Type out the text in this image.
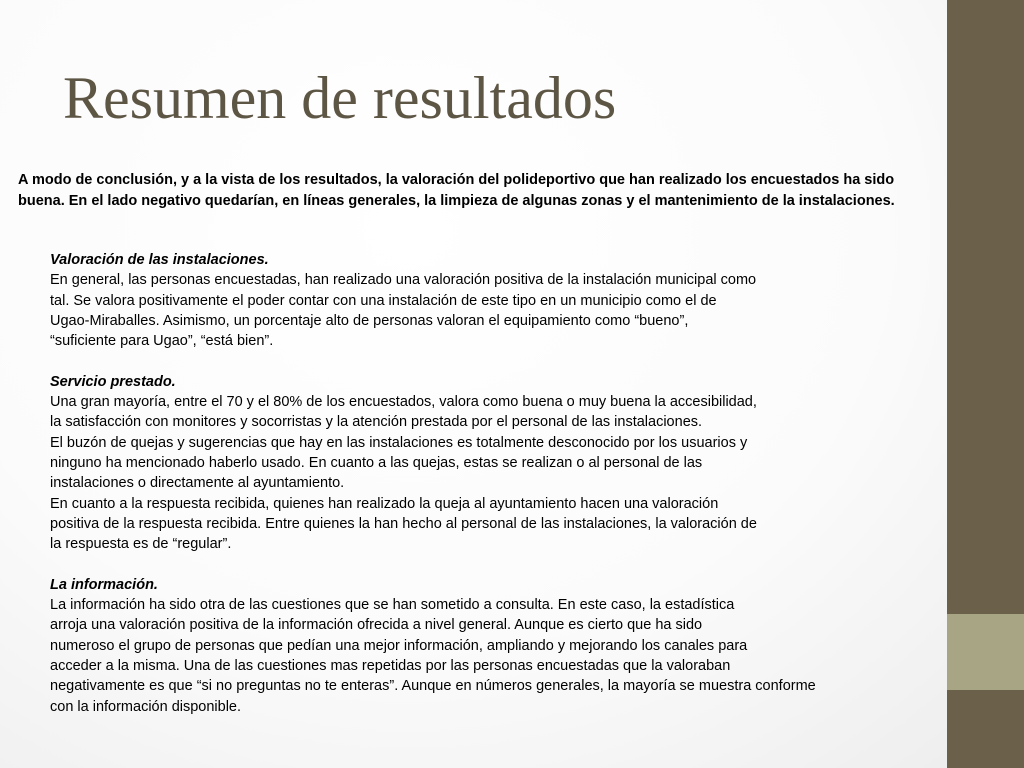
Resumen de resultados

A modo de conclusión, y a la vista de los resultados, la valoración del polideportivo que han realizado los encuestados ha sido
buena. En el lado negativo quedarían, en líneas generales, la limpieza de algunas zonas y el mantenimiento de la instalaciones.

Valoración de las instalaciones.
En general, las personas encuestadas, han realizado una valoración positiva de la instalación municipal como
tal. Se valora positivamente el poder contar con una instalación de este tipo en un municipio como el de
Ugao-Miraballes. Asimismo, un porcentaje alto de personas valoran el equipamiento como “bueno”,
“suficiente para Ugao”, “está bien”.
Servicio prestado.
Una gran mayoría, entre el 70 y el 80% de los encuestados, valora como buena o muy buena la accesibilidad,
la satisfacción con monitores y socorristas y la atención prestada por el personal de las instalaciones.
El buzón de quejas y sugerencias que hay en las instalaciones es totalmente desconocido por los usuarios y
ninguno ha mencionado haberlo usado. En cuanto a las quejas, estas se realizan o al personal de las
instalaciones o directamente al ayuntamiento.
En cuanto a la respuesta recibida, quienes han realizado la queja al ayuntamiento hacen una valoración
positiva de la respuesta recibida. Entre quienes la han hecho al personal de las instalaciones, la valoración de
la respuesta es de “regular”.
La información.
La información ha sido otra de las cuestiones que se han sometido a consulta. En este caso, la estadística
arroja una valoración positiva de la información ofrecida a nivel general. Aunque es cierto que ha sido
numeroso el grupo de personas que pedían una mejor información, ampliando y mejorando los canales para
acceder a la misma. Una de las cuestiones mas repetidas por las personas encuestadas que la valoraban
negativamente es que “si no preguntas no te enteras”. Aunque en números generales, la mayoría se muestra conforme
con la información disponible.
